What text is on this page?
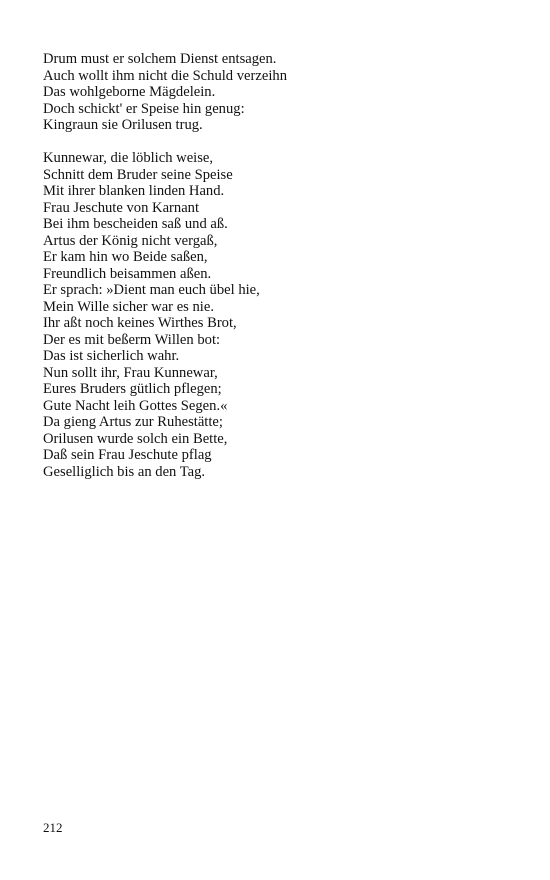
Drum must er solchem Dienst entsagen.
Auch wollt ihm nicht die Schuld verzeihn
Das wohlgeborne Mägdelein.
Doch schickt' er Speise hin genug:
Kingraun sie Orilusen trug.
Kunnewar, die löblich weise,
Schnitt dem Bruder seine Speise
Mit ihrer blanken linden Hand.
Frau Jeschute von Karnant
Bei ihm bescheiden saß und aß.
Artus der König nicht vergaß,
Er kam hin wo Beide saßen,
Freundlich beisammen aßen.
Er sprach: »Dient man euch übel hie,
Mein Wille sicher war es nie.
Ihr aßt noch keines Wirthes Brot,
Der es mit beßerm Willen bot:
Das ist sicherlich wahr.
Nun sollt ihr, Frau Kunnewar,
Eures Bruders gütlich pflegen;
Gute Nacht leih Gottes Segen.«
Da gieng Artus zur Ruhestätte;
Orilusen wurde solch ein Bette,
Daß sein Frau Jeschute pflag
Geselliglich bis an den Tag.
212
